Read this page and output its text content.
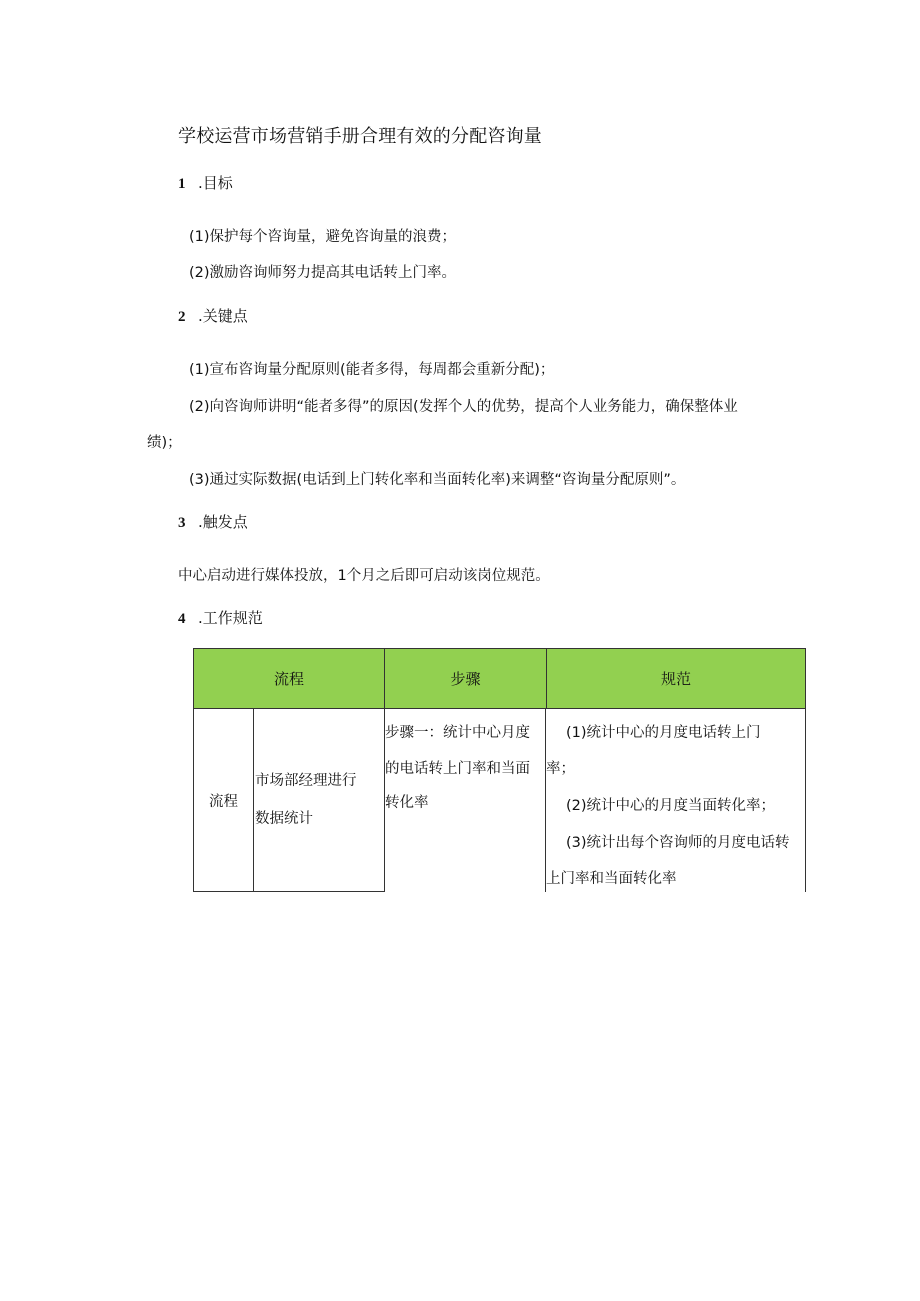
学校运营市场营销手册合理有效的分配咨询量
1 .目标
(1)保护每个咨询量，避免咨询量的浪费；
(2)激励咨询师努力提高其电话转上门率。
2 .关键点
(1)宣布咨询量分配原则(能者多得，每周都会重新分配)；
(2)向咨询师讲明“能者多得”的原因(发挥个人的优势，提高个人业务能力，确保整体业
绩)；
(3)通过实际数据(电话到上门转化率和当面转化率)来调整“咨询量分配原则”。
3 .触发点
中心启动进行媒体投放，1个月之后即可启动该岗位规范。
4 .工作规范
流程	步骤	规范
流程
市场部经理进行
数据统计
步骤一：统计中心月度
的电话转上门率和当面
转化率
(1)统计中心的月度电话转上门
率；
(2)统计中心的月度当面转化率；
(3)统计出每个咨询师的月度电话转
上门率和当面转化率
